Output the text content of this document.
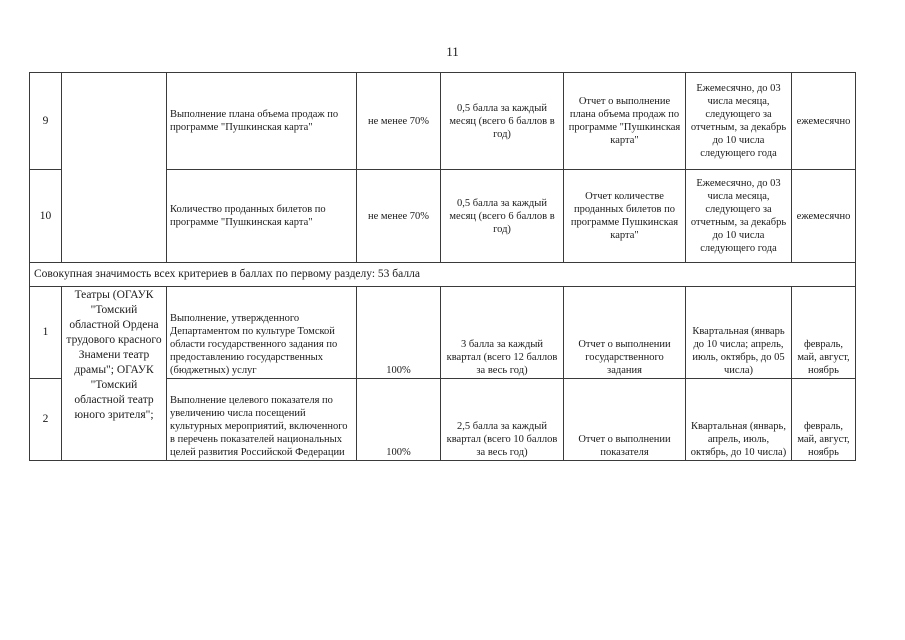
11
9		Выполнение плана объема продаж по программе "Пушкинская карта"	не менее 70%	0,5 балла за каждый месяц (всего 6 баллов в год)	Отчет о выполнение плана объема продаж по программе "Пушкинская карта"	Ежемесячно, до 03 числа месяца, следующего за отчетным, за декабрь до 10 числа следующего года	ежемесячно
10		Количество проданных билетов по программе "Пушкинская карта"	не менее 70%	0,5 балла за каждый месяц (всего 6 баллов в год)	Отчет количестве проданных билетов по программе Пушкинская карта"	Ежемесячно, до 03 числа месяца, следующего за отчетным, за декабрь до 10 числа следующего года	ежемесячно
Совокупная значимость всех критериев в баллах по первому разделу: 53 балла							
1	Театры (ОГАУК "Томский областной Ордена трудового красного Знамени театр драмы"; ОГАУК "Томский областной театр юного зрителя";	Выполнение, утвержденного Департаментом по культуре Томской области государственного задания по предоставлению государственных (бюджетных) услуг	100%	3 балла за каждый квартал (всего 12 баллов за весь год)	Отчет о выполнении государственного задания	Квартальная (январь до 10 числа; апрель, июль, октябрь, до 05 числа)	февраль, май, август, ноябрь
2		Выполнение целевого показателя по увеличению числа посещений культурных мероприятий, включенного в перечень показателей национальных целей развития Российской Федерации	100%	2,5 балла за каждый квартал (всего 10 баллов за весь год)	Отчет о выполнении показателя	Квартальная (январь, апрель, июль, октябрь, до 10 числа)	февраль, май, август, ноябрь
